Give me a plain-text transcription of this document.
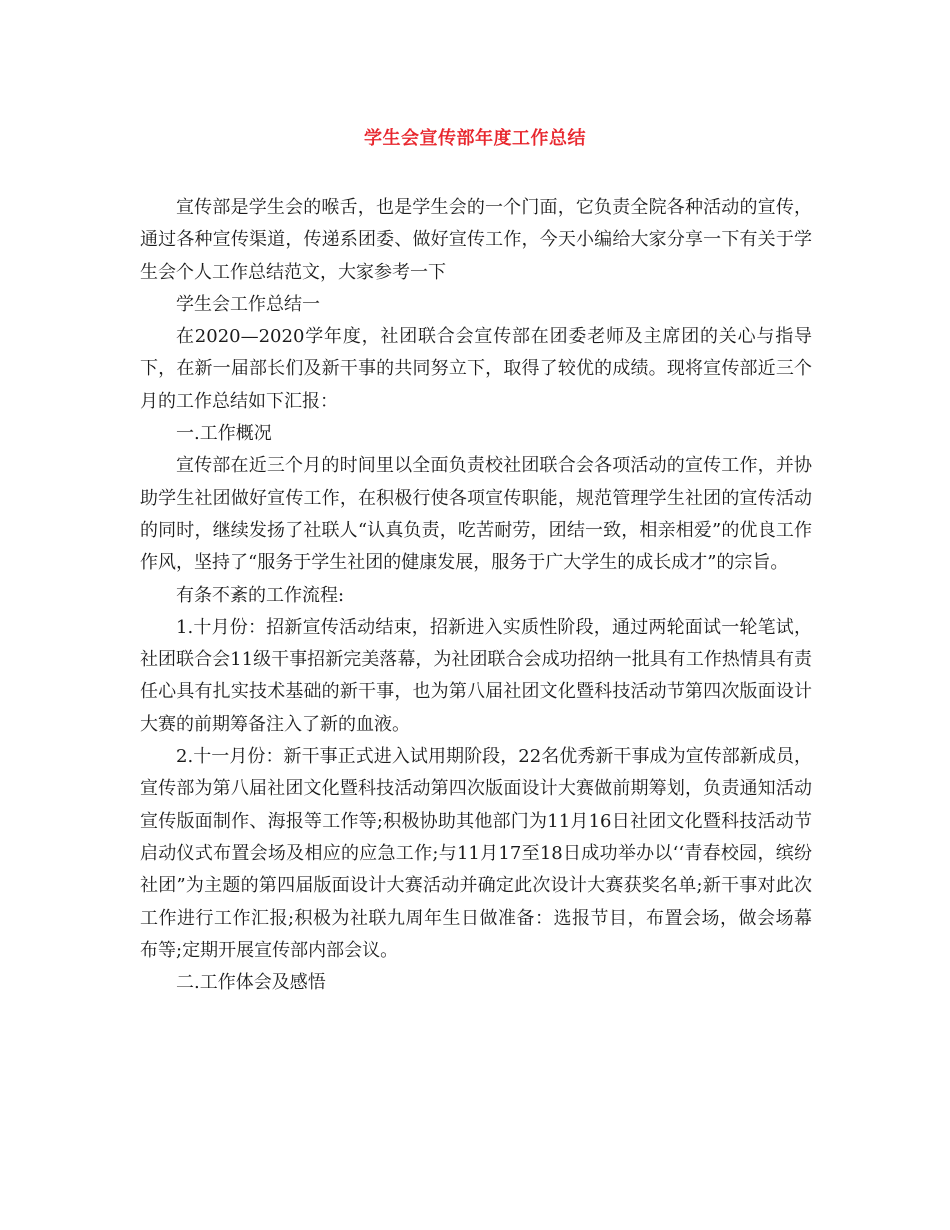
学生会宣传部年度工作总结

宣传部是学生会的喉舌，也是学生会的一个门面，它负责全院各种活动的宣传，通过各种宣传渠道，传递系团委、做好宣传工作，今天小编给大家分享一下有关于学生会个人工作总结范文，大家参考一下

学生会工作总结一

在2020—2020学年度，社团联合会宣传部在团委老师及主席团的关心与指导下，在新一届部长们及新干事的共同努立下，取得了较优的成绩。现将宣传部近三个月的工作总结如下汇报：

一.工作概况

宣传部在近三个月的时间里以全面负责校社团联合会各项活动的宣传工作，并协助学生社团做好宣传工作，在积极行使各项宣传职能，规范管理学生社团的宣传活动的同时，继续发扬了社联人“认真负责，吃苦耐劳，团结一致，相亲相爱”的优良工作作风，坚持了“服务于学生社团的健康发展，服务于广大学生的成长成才”的宗旨。

有条不紊的工作流程:

1.十月份：招新宣传活动结束，招新进入实质性阶段，通过两轮面试一轮笔试，社团联合会11级干事招新完美落幕，为社团联合会成功招纳一批具有工作热情具有责任心具有扎实技术基础的新干事，也为第八届社团文化暨科技活动节第四次版面设计大赛的前期筹备注入了新的血液。

2.十一月份：新干事正式进入试用期阶段，22名优秀新干事成为宣传部新成员，宣传部为第八届社团文化暨科技活动第四次版面设计大赛做前期筹划，负责通知活动宣传版面制作、海报等工作等;积极协助其他部门为11月16日社团文化暨科技活动节启动仪式布置会场及相应的应急工作;与11月17至18日成功举办以‘‘青春校园，缤纷社团”为主题的第四届版面设计大赛活动并确定此次设计大赛获奖名单;新干事对此次工作进行工作汇报;积极为社联九周年生日做准备：选报节目，布置会场，做会场幕布等;定期开展宣传部内部会议。

二.工作体会及感悟
